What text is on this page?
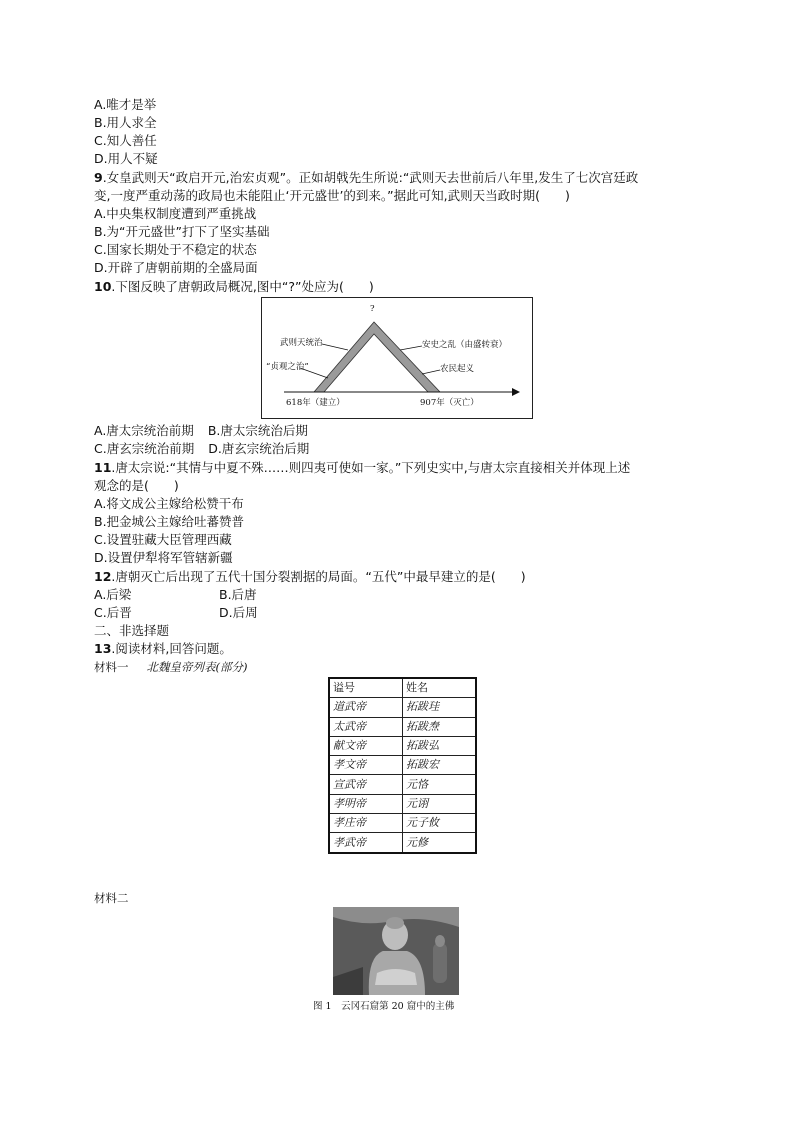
A.唯才是举
B.用人求全
C.知人善任
D.用人不疑
9.女皇武则天“政启开元,治宏贞观”。正如胡戟先生所说:“武则天去世前后八年里,发生了七次宫廷政
变,一度严重动荡的政局也未能阻止‘开元盛世’的到来。”据此可知,武则天当政时期(　　)
A.中央集权制度遭到严重挑战
B.为“开元盛世”打下了坚实基础
C.国家长期处于不稳定的状态
D.开辟了唐朝前期的全盛局面
10.下图反映了唐朝政局概况,图中“?”处应为(　　)
?
武则天统治
“贞观之治”
安史之乱（由盛转衰）
农民起义
618年（建立）	907年（灭亡）
A.唐太宗统治前期 B.唐太宗统治后期
C.唐玄宗统治前期 D.唐玄宗统治后期
11.唐太宗说:“其情与中夏不殊……则四夷可使如一家。”下列史实中,与唐太宗直接相关并体现上述
观念的是(　　)
A.将文成公主嫁给松赞干布
B.把金城公主嫁给吐蕃赞普
C.设置驻藏大臣管理西藏
D.设置伊犁将军管辖新疆
12.唐朝灭亡后出现了五代十国分裂割据的局面。“五代”中最早建立的是(　　)
A.后梁	B.后唐
C.后晋	D.后周
二、非选择题
13.阅读材料,回答问题。
材料一 北魏皇帝列表(部分)
谥号	姓名
道武帝	拓跋珪
太武帝	拓跋焘
献文帝	拓跋弘
孝文帝	拓跋宏
宣武帝	元恪
孝明帝	元诩
孝庄帝	元子攸
孝武帝	元修
材料二
图 1　云冈石窟第 20 窟中的主佛
